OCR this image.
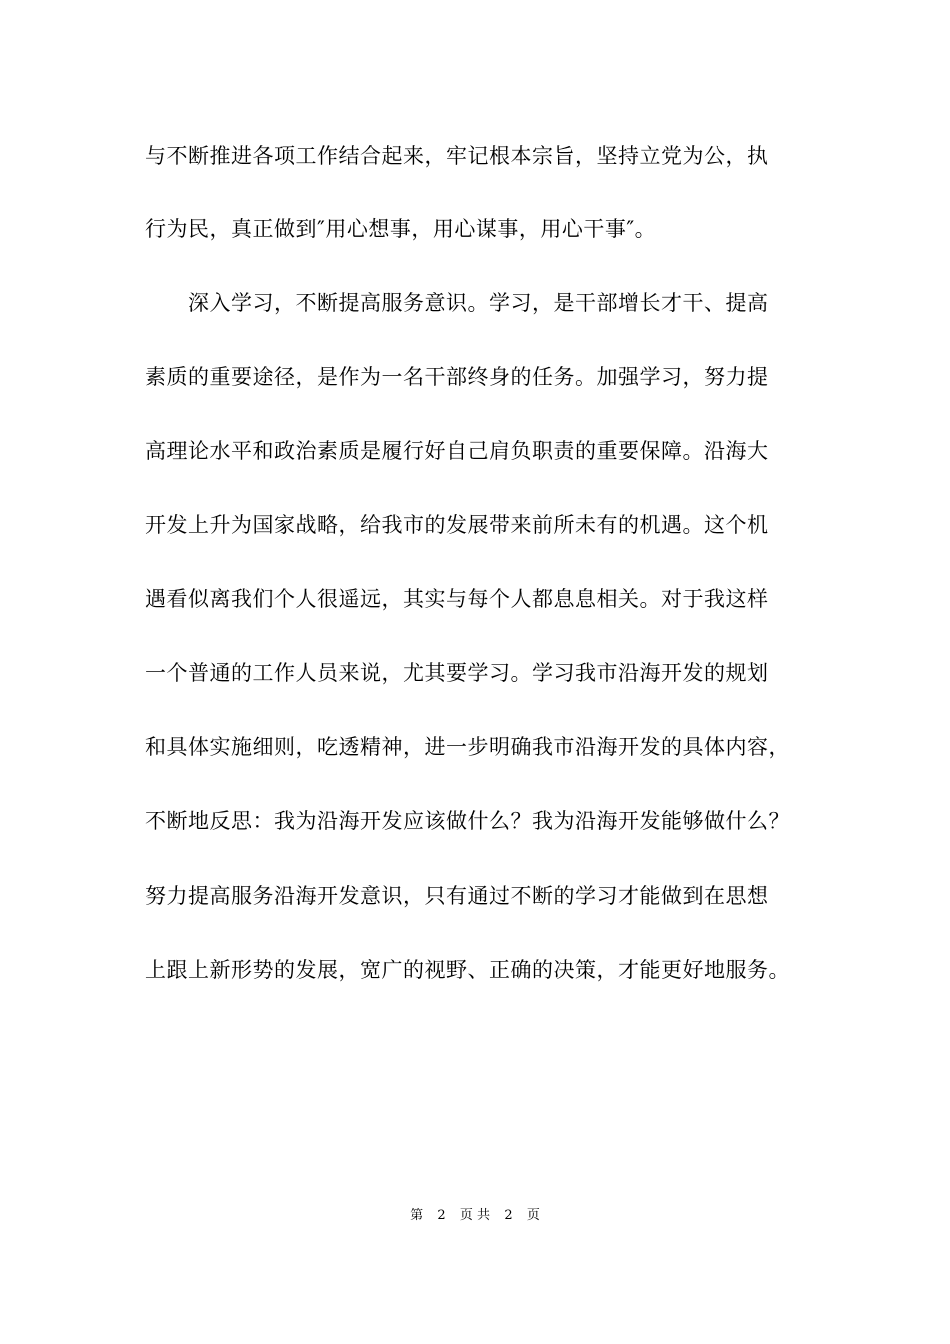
与不断推进各项工作结合起来，牢记根本宗旨，坚持立党为公，执
行为民，真正做到″用心想事，用心谋事，用心干事″。
深入学习，不断提高服务意识。学习，是干部增长才干、提高
素质的重要途径，是作为一名干部终身的任务。加强学习，努力提
高理论水平和政治素质是履行好自己肩负职责的重要保障。沿海大
开发上升为国家战略，给我市的发展带来前所未有的机遇。这个机
遇看似离我们个人很遥远，其实与每个人都息息相关。对于我这样
一个普通的工作人员来说，尤其要学习。学习我市沿海开发的规划
和具体实施细则，吃透精神，进一步明确我市沿海开发的具体内容，
不断地反思：我为沿海开发应该做什么？我为沿海开发能够做什么？
努力提高服务沿海开发意识，只有通过不断的学习才能做到在思想
上跟上新形势的发展，宽广的视野、正确的决策，才能更好地服务。
第 2 页 共 2 页
